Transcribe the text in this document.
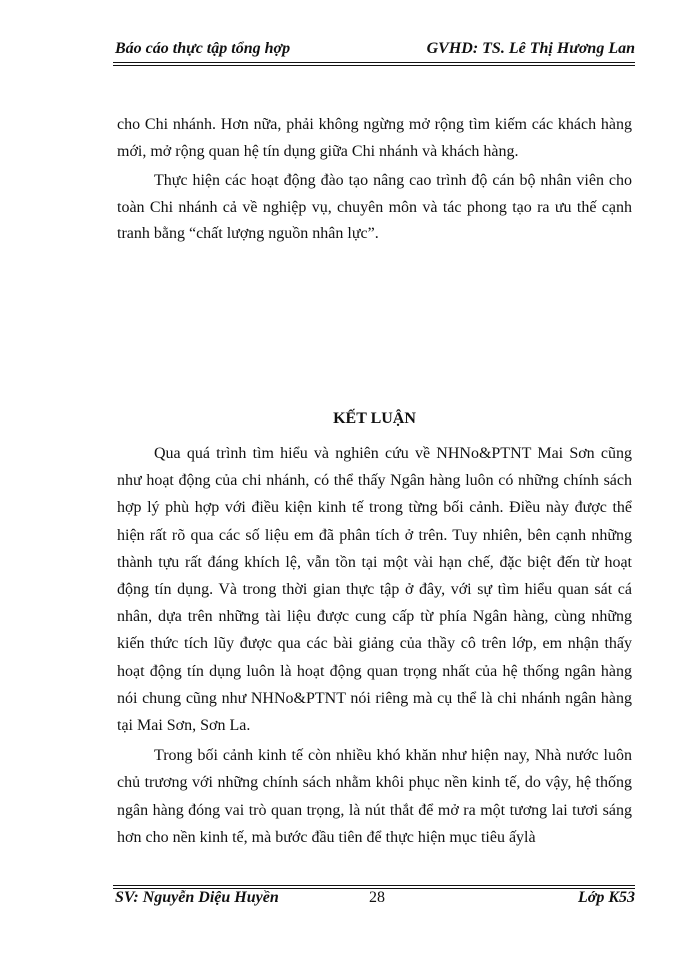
Báo cáo thực tập tổng hợp	GVHD: TS. Lê Thị Hương Lan

cho Chi nhánh. Hơn nữa, phải không ngừng mở rộng tìm kiếm các khách hàng mới, mở rộng quan hệ tín dụng giữa Chi nhánh và khách hàng.

Thực hiện các hoạt động đào tạo nâng cao trình độ cán bộ nhân viên cho toàn Chi nhánh cả về nghiệp vụ, chuyên môn và tác phong tạo ra ưu thế cạnh tranh bằng “chất lượng nguồn nhân lực”.

KẾT LUẬN

Qua quá trình tìm hiểu và nghiên cứu về NHNo&PTNT Mai Sơn cũng như hoạt động của chi nhánh, có thể thấy Ngân hàng luôn có những chính sách hợp lý phù hợp với điều kiện kinh tế trong từng bối cảnh. Điều này được thể hiện rất rõ qua các số liệu em đã phân tích ở trên. Tuy nhiên, bên cạnh những thành tựu rất đáng khích lệ, vẫn tồn tại một vài hạn chế, đặc biệt đến từ hoạt động tín dụng. Và trong thời gian thực tập ở đây, với sự tìm hiểu quan sát cá nhân, dựa trên những tài liệu được cung cấp từ phía Ngân hàng, cùng những kiến thức tích lũy được qua các bài giảng của thầy cô trên lớp, em nhận thấy hoạt động tín dụng luôn là hoạt động quan trọng nhất của hệ thống ngân hàng nói chung cũng như NHNo&PTNT nói riêng mà cụ thể là chi nhánh ngân hàng tại Mai Sơn, Sơn La.

Trong bối cảnh kinh tế còn nhiều khó khăn như hiện nay, Nhà nước luôn chủ trương với những chính sách nhằm khôi phục nền kinh tế, do vậy, hệ thống ngân hàng đóng vai trò quan trọng, là nút thắt để mở ra một tương lai tươi sáng hơn cho nền kinh tế, mà bước đầu tiên để thực hiện mục tiêu ấylà

SV: Nguyễn Diệu Huyền	28	Lớp K53
